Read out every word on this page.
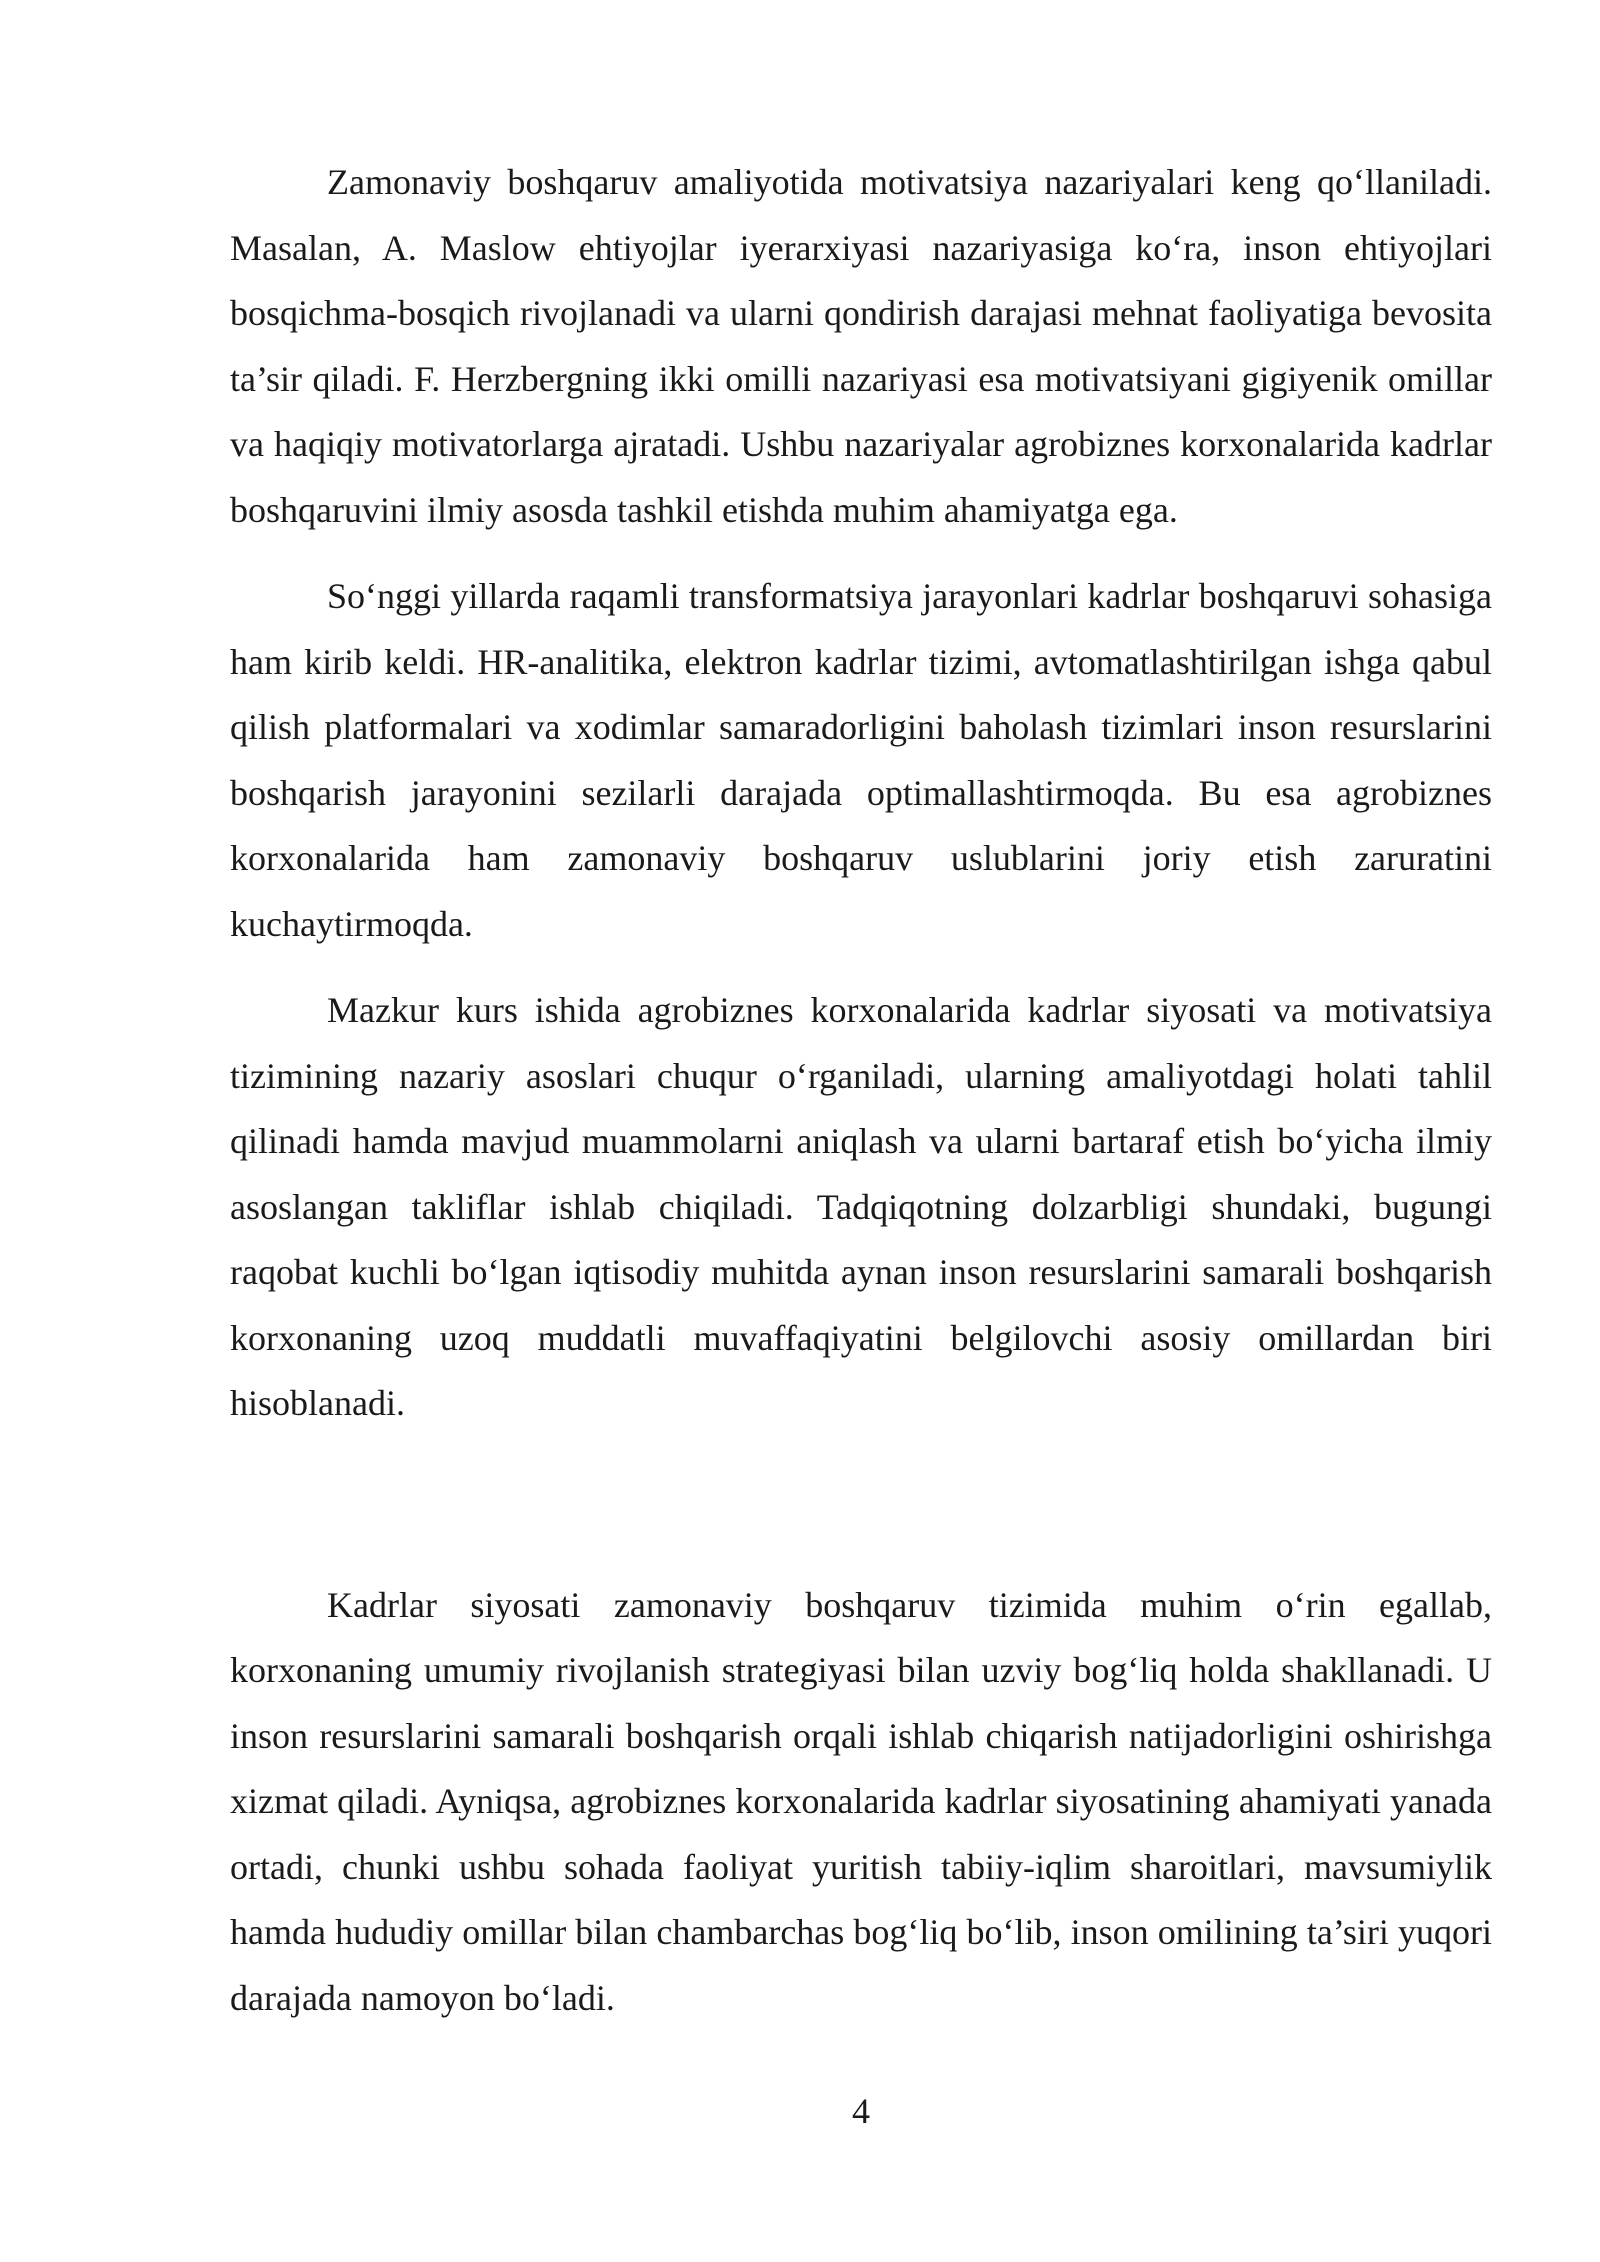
Zamonaviy boshqaruv amaliyotida motivatsiya nazariyalari keng qo‘llaniladi. Masalan, A. Maslow ehtiyojlar iyerarxiyasi nazariyasiga ko‘ra, inson ehtiyojlari bosqichma-bosqich rivojlanadi va ularni qondirish darajasi mehnat faoliyatiga bevosita ta’sir qiladi. F. Herzbergning ikki omilli nazariyasi esa motivatsiyani gigiyenik omillar va haqiqiy motivatorlarga ajratadi. Ushbu nazariyalar agrobiznes korxonalarida kadrlar boshqaruvini ilmiy asosda tashkil etishda muhim ahamiyatga ega.

So‘nggi yillarda raqamli transformatsiya jarayonlari kadrlar boshqaruvi sohasiga ham kirib keldi. HR-analitika, elektron kadrlar tizimi, avtomatlashtirilgan ishga qabul qilish platformalari va xodimlar samaradorligini baholash tizimlari inson resurslarini boshqarish jarayonini sezilarli darajada optimallashtirmoqda. Bu esa agrobiznes korxonalarida ham zamonaviy boshqaruv uslublarini joriy etish zaruratini kuchaytirmoqda.

Mazkur kurs ishida agrobiznes korxonalarida kadrlar siyosati va motivatsiya tizimining nazariy asoslari chuqur o‘rganiladi, ularning amaliyotdagi holati tahlil qilinadi hamda mavjud muammolarni aniqlash va ularni bartaraf etish bo‘yicha ilmiy asoslangan takliflar ishlab chiqiladi. Tadqiqotning dolzarbligi shundaki, bugungi raqobat kuchli bo‘lgan iqtisodiy muhitda aynan inson resurslarini samarali boshqarish korxonaning uzoq muddatli muvaffaqiyatini belgilovchi asosiy omillardan biri hisoblanadi.

Kadrlar siyosati zamonaviy boshqaruv tizimida muhim o‘rin egallab, korxonaning umumiy rivojlanish strategiyasi bilan uzviy bog‘liq holda shakllanadi. U inson resurslarini samarali boshqarish orqali ishlab chiqarish natijadorligini oshirishga xizmat qiladi. Ayniqsa, agrobiznes korxonalarida kadrlar siyosatining ahamiyati yanada ortadi, chunki ushbu sohada faoliyat yuritish tabiiy-iqlim sharoitlari, mavsumiylik hamda hududiy omillar bilan chambarchas bog‘liq bo‘lib, inson omilining ta’siri yuqori darajada namoyon bo‘ladi.

4
